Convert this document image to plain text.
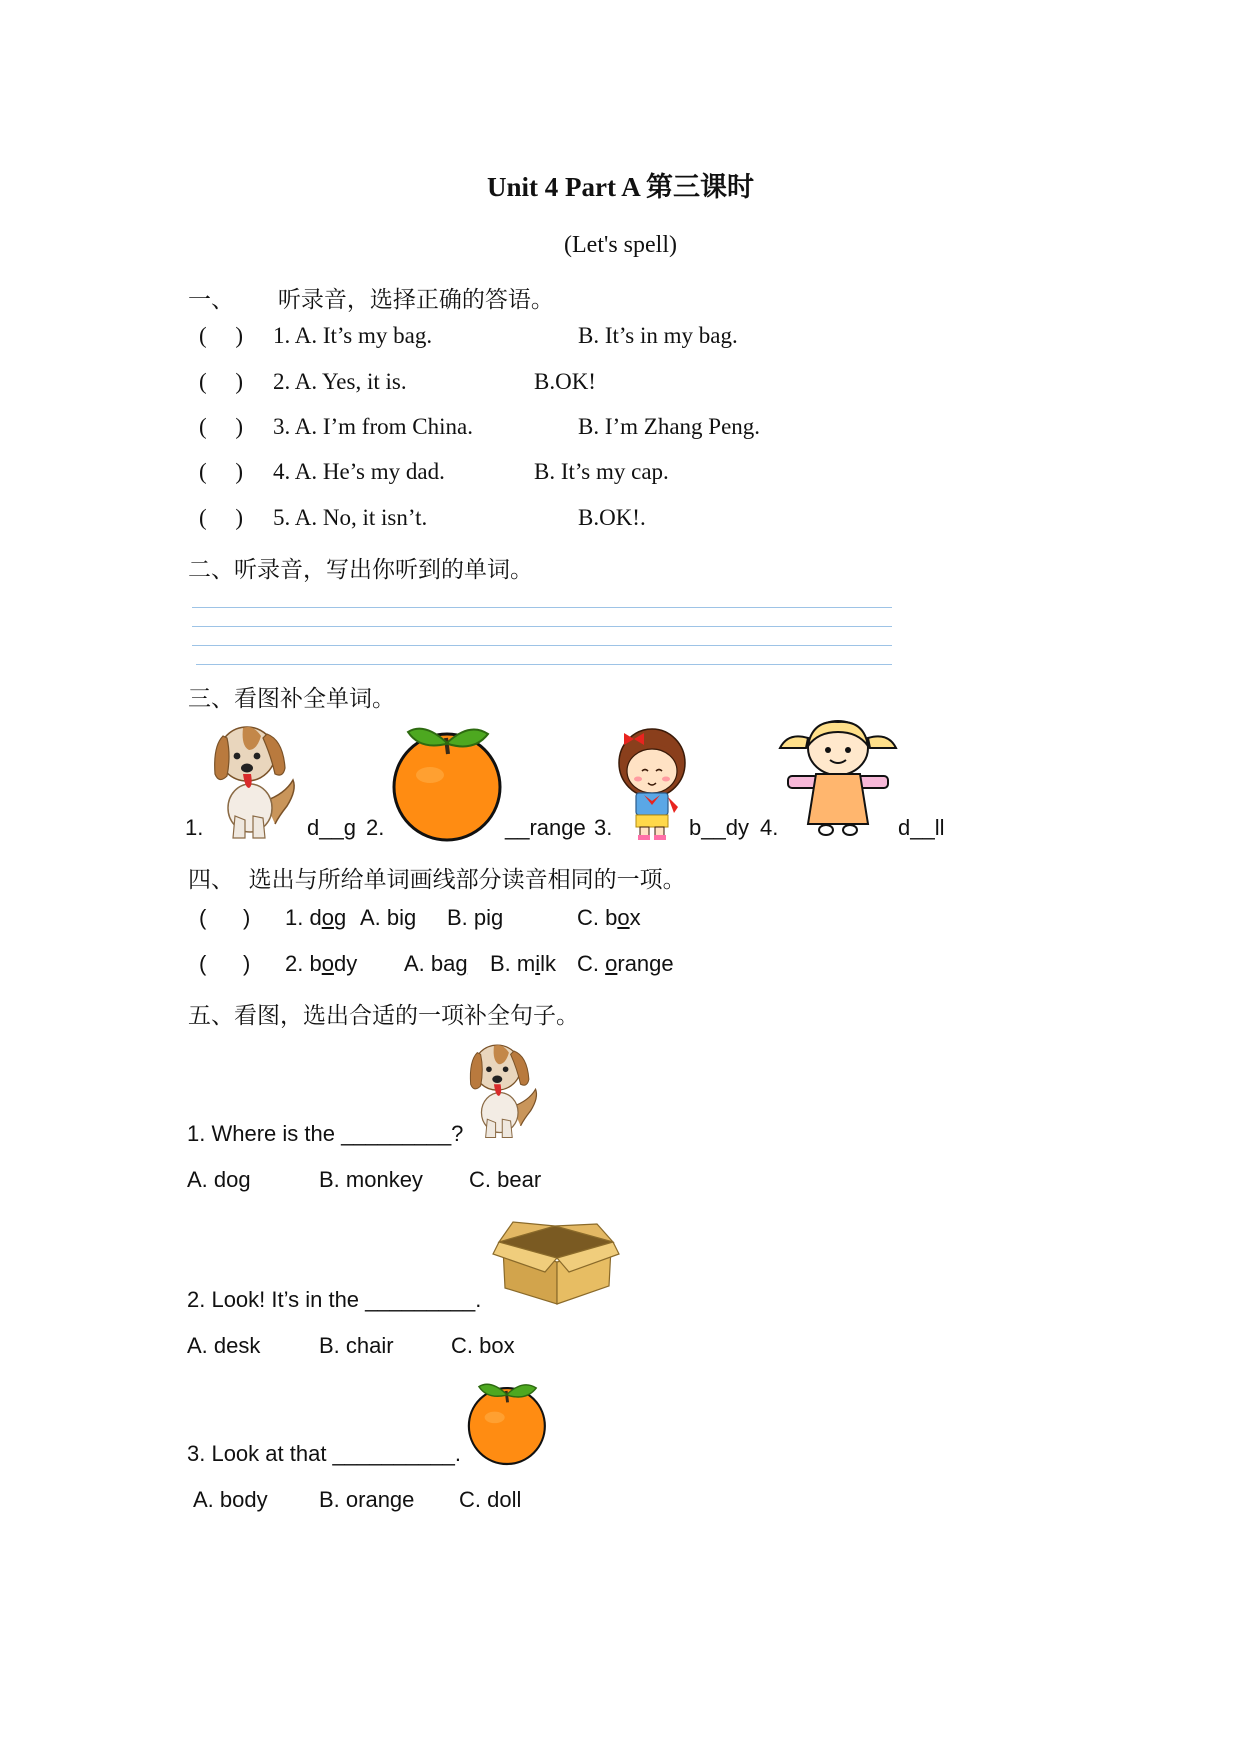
Unit 4 Part A 第三课时
(Let's spell)
一、      听录音，选择正确的答语。
(     ) 1. A. It’s my bag.	B. It’s in my bag.
(     ) 2. A. Yes, it is.	B.OK!
(     ) 3. A. I’m from China.	B. I’m Zhang Peng.
(     ) 4. A. He’s my dad.	B. It’s my cap.
(     ) 5. A. No, it isn’t.	B.OK!.
二、听录音，写出你听到的单词。
三、看图补全单词。
1.	d__g 2.	__range 3.	b__dy 4.	d__ll
四、  选出与所给单词画线部分读音相同的一项。
(      ) 1. dog A. big B. pig	C. box
(      ) 2. body A. bag B. milk C. orange
五、看图，选出合适的一项补全句子。
1. Where is the _________?
A. dog	B. monkey C. bear
2. Look! It’s in the _________.
A. desk	B. chair	C. box
3. Look at that __________.
A. body B. orange C. doll
